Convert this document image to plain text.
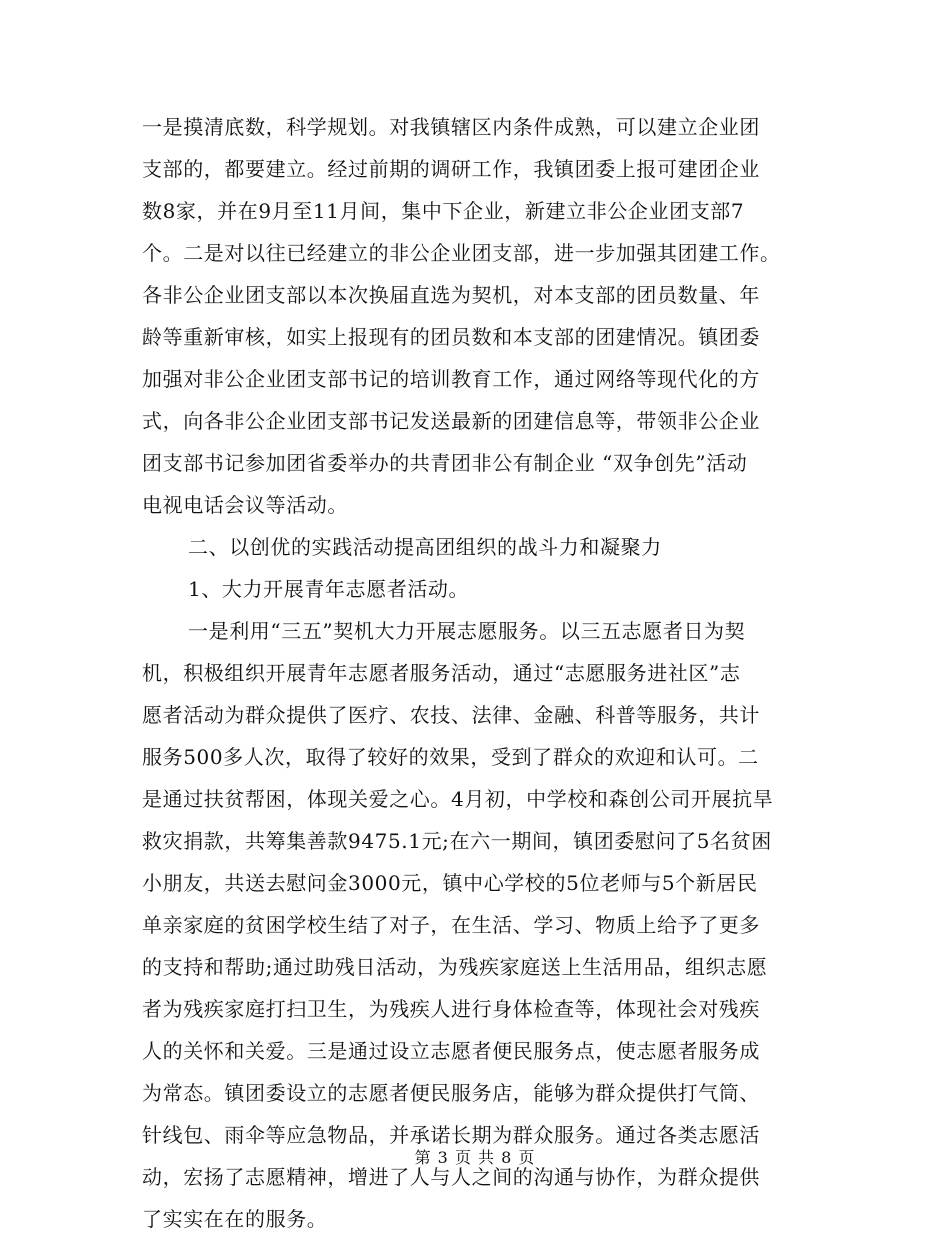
一是摸清底数，科学规划。对我镇辖区内条件成熟，可以建立企业团
支部的，都要建立。经过前期的调研工作，我镇团委上报可建团企业
数8家，并在9月至11月间，集中下企业，新建立非公企业团支部7
个。二是对以往已经建立的非公企业团支部，进一步加强其团建工作。
各非公企业团支部以本次换届直选为契机，对本支部的团员数量、年
龄等重新审核，如实上报现有的团员数和本支部的团建情况。镇团委
加强对非公企业团支部书记的培训教育工作，通过网络等现代化的方
式，向各非公企业团支部书记发送最新的团建信息等，带领非公企业
团支部书记参加团省委举办的共青团非公有制企业 “双争创先”活动
电视电话会议等活动。
二、以创优的实践活动提高团组织的战斗力和凝聚力
1、大力开展青年志愿者活动。
一是利用“三五”契机大力开展志愿服务。以三五志愿者日为契
机，积极组织开展青年志愿者服务活动，通过“志愿服务进社区”志
愿者活动为群众提供了医疗、农技、法律、金融、科普等服务，共计
服务500多人次，取得了较好的效果，受到了群众的欢迎和认可。二
是通过扶贫帮困，体现关爱之心。4月初，中学校和森创公司开展抗旱
救灾捐款，共筹集善款9475.1元;在六一期间，镇团委慰问了5名贫困
小朋友，共送去慰问金3000元，镇中心学校的5位老师与5个新居民
单亲家庭的贫困学校生结了对子，在生活、学习、物质上给予了更多
的支持和帮助;通过助残日活动，为残疾家庭送上生活用品，组织志愿
者为残疾家庭打扫卫生，为残疾人进行身体检查等，体现社会对残疾
人的关怀和关爱。三是通过设立志愿者便民服务点，使志愿者服务成
为常态。镇团委设立的志愿者便民服务店，能够为群众提供打气筒、
针线包、雨伞等应急物品，并承诺长期为群众服务。通过各类志愿活
动，宏扬了志愿精神，增进了人与人之间的沟通与协作，为群众提供
了实实在在的服务。
第 3 页 共 8 页
